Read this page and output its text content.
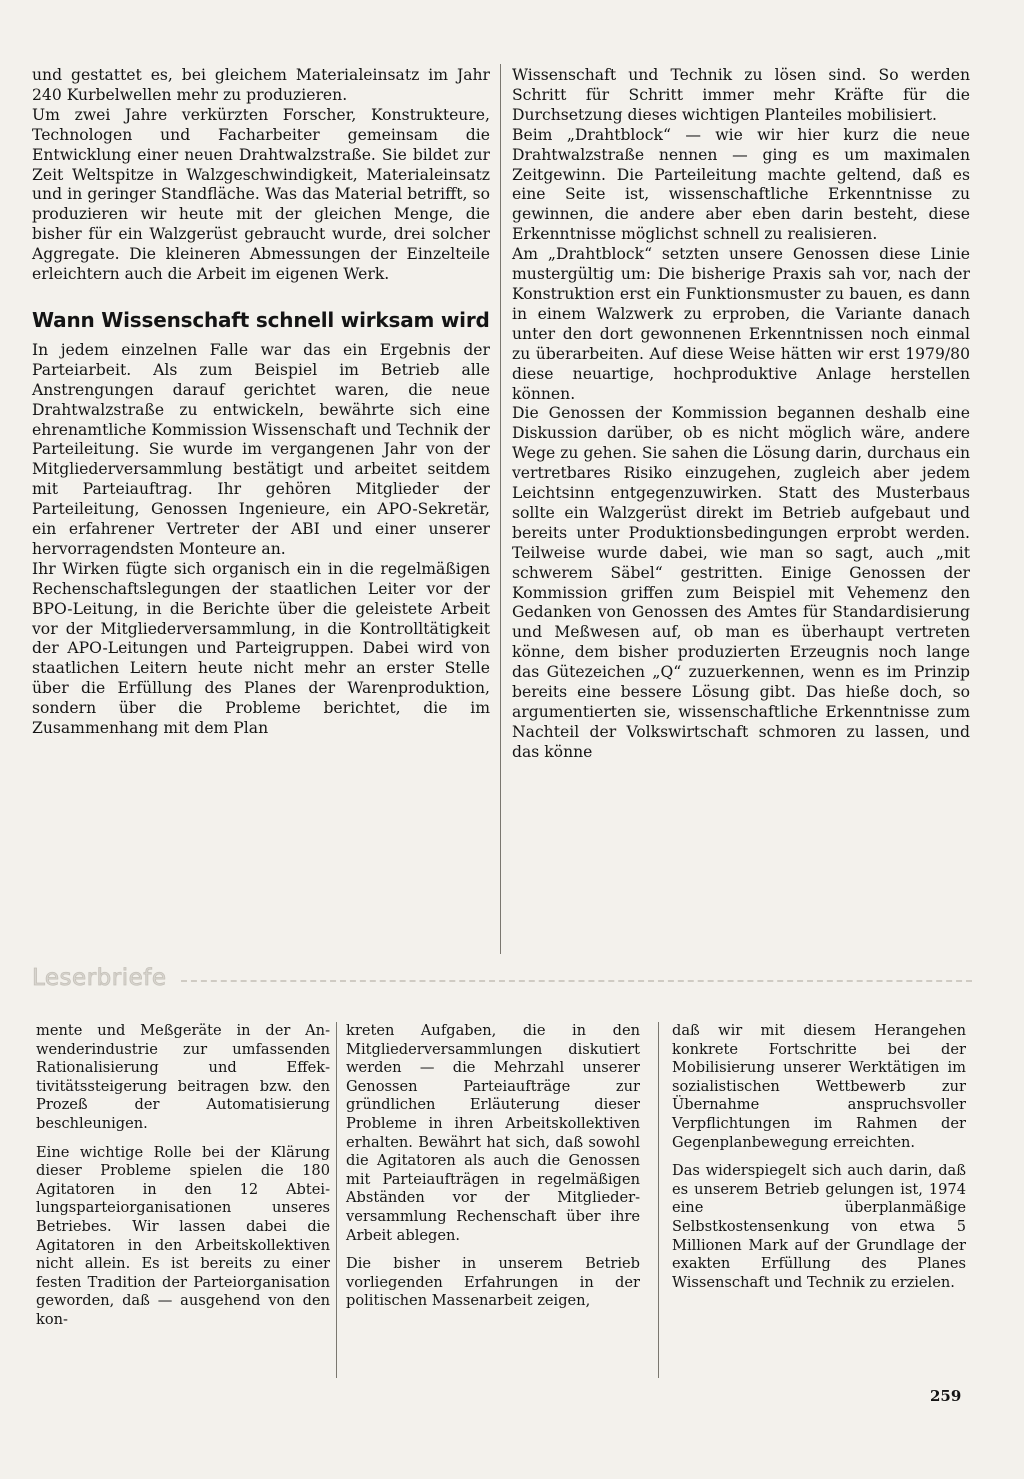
und gestattet es, bei gleichem Materialeinsatz im Jahr 240 Kurbelwellen mehr zu produzieren.

Um zwei Jahre verkürzten Forscher, Konstrukteure, Technologen und Facharbeiter gemeinsam die Entwicklung einer neuen Drahtwalzstraße. Sie bildet zur Zeit Weltspitze in Walzgeschwindigkeit, Materialeinsatz und in geringer Standfläche. Was das Material betrifft, so produzieren wir heute mit der gleichen Menge, die bisher für ein Walzgerüst gebraucht wurde, drei solcher Aggregate. Die kleineren Abmessungen der Einzelteile erleichtern auch die Arbeit im eigenen Werk.

Wann Wissenschaft schnell wirksam wird

In jedem einzelnen Falle war das ein Ergebnis der Parteiarbeit. Als zum Beispiel im Betrieb alle Anstrengungen darauf gerichtet waren, die neue Drahtwalzstraße zu entwickeln, bewährte sich eine ehrenamtliche Kommission Wissenschaft und Technik der Parteileitung. Sie wurde im vergangenen Jahr von der Mitgliederversammlung bestätigt und arbeitet seitdem mit Parteiauftrag. Ihr gehören Mitglieder der Parteileitung, Genossen Ingenieure, ein APO-Sekretär, ein erfahrener Vertreter der ABI und einer unserer hervorragendsten Monteure an.

Ihr Wirken fügte sich organisch ein in die regelmäßigen Rechenschaftslegungen der staatlichen Leiter vor der BPO-Leitung, in die Berichte über die geleistete Arbeit vor der Mitgliederversammlung, in die Kontrolltätigkeit der APO-Leitungen und Parteigruppen. Dabei wird von staatlichen Leitern heute nicht mehr an erster Stelle über die Erfüllung des Planes der Warenproduktion, sondern über die Probleme berichtet, die im Zusammenhang mit dem Plan

Wissenschaft und Technik zu lösen sind. So werden Schritt für Schritt immer mehr Kräfte für die Durchsetzung dieses wichtigen Planteiles mobilisiert.

Beim „Drahtblock“ — wie wir hier kurz die neue Drahtwalzstraße nennen — ging es um maximalen Zeitgewinn. Die Parteileitung machte geltend, daß es eine Seite ist, wissenschaftliche Erkenntnisse zu gewinnen, die andere aber eben darin besteht, diese Erkenntnisse möglichst schnell zu realisieren.

Am „Drahtblock“ setzten unsere Genossen diese Linie mustergültig um: Die bisherige Praxis sah vor, nach der Konstruktion erst ein Funktionsmuster zu bauen, es dann in einem Walzwerk zu erproben, die Variante danach unter den dort gewonnenen Erkenntnissen noch einmal zu überarbeiten. Auf diese Weise hätten wir erst 1979/80 diese neuartige, hochproduktive Anlage herstellen können.

Die Genossen der Kommission begannen deshalb eine Diskussion darüber, ob es nicht möglich wäre, andere Wege zu gehen. Sie sahen die Lösung darin, durchaus ein vertretbares Risiko einzugehen, zugleich aber jedem Leichtsinn entgegenzuwirken. Statt des Musterbaus sollte ein Walzgerüst direkt im Betrieb aufgebaut und bereits unter Produktionsbedingungen erprobt werden. Teilweise wurde dabei, wie man so sagt, auch „mit schwerem Säbel“ gestritten. Einige Genossen der Kommission griffen zum Beispiel mit Vehemenz den Gedanken von Genossen des Amtes für Standardisierung und Meßwesen auf, ob man es überhaupt vertreten könne, dem bisher produzierten Erzeugnis noch lange das Gütezeichen „Q“ zuzuerkennen, wenn es im Prinzip bereits eine bessere Lösung gibt. Das hieße doch, so argumentierten sie, wissenschaftliche Erkenntnisse zum Nachteil der Volkswirtschaft schmoren zu lassen, und das könne

Leserbriefe

mente und Meßgeräte in der Anwenderindustrie zur umfassenden Rationalisierung und Effektivitätssteigerung beitragen bzw. den Prozeß der Automatisierung beschleunigen.

Eine wichtige Rolle bei der Klärung dieser Probleme spielen die 180 Agitatoren in den 12 Abteilungsparteiorganisationen unseres Betriebes. Wir lassen dabei die Agitatoren in den Arbeitskollektiven nicht allein. Es ist bereits zu einer festen Tradition der Parteiorganisation geworden, daß — ausgehend von den kon-

kreten Aufgaben, die in den Mitgliederversammlungen diskutiert werden — die Mehrzahl unserer Genossen Parteiaufträge zur gründlichen Erläuterung dieser Probleme in ihren Arbeitskollektiven erhalten. Bewährt hat sich, daß sowohl die Agitatoren als auch die Genossen mit Parteiaufträgen in regelmäßigen Abständen vor der Mitgliederversammlung Rechenschaft über ihre Arbeit ablegen.

Die bisher in unserem Betrieb vorliegenden Erfahrungen in der politischen Massenarbeit zeigen,

daß wir mit diesem Herangehen konkrete Fortschritte bei der Mobilisierung unserer Werktätigen im sozialistischen Wettbewerb zur Übernahme anspruchsvoller Verpflichtungen im Rahmen der Gegenplanbewegung erreichten.

Das widerspiegelt sich auch darin, daß es unserem Betrieb gelungen ist, 1974 eine überplanmäßige Selbstkostensenkung von etwa 5 Millionen Mark auf der Grundlage der exakten Erfüllung des Planes Wissenschaft und Technik zu erzielen.

259
